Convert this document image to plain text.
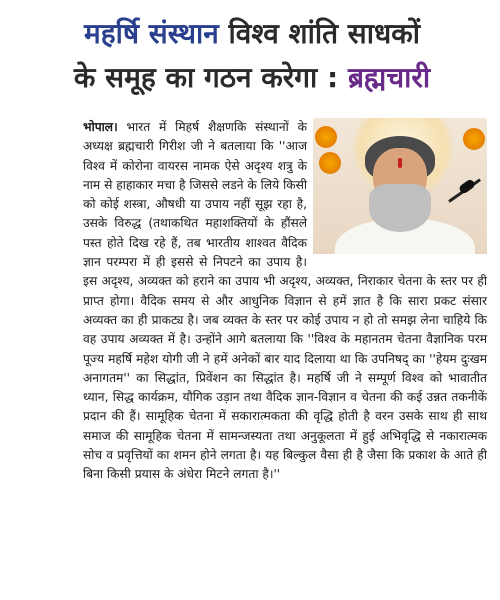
महर्षि संस्थान विश्व शांति साधकों
के समूह का गठन करेगा : ब्रह्मचारी

भोपाल। भारत में मिहर्ष शैक्षणकि संस्थानों के अध्यक्ष ब्रह्मचारी गिरीश जी ने बतलाया कि ''आज विश्व में कोरोना वायरस नामक ऐसे अदृश्य शत्रु के नाम से हाहाकार मचा है जिससे लडने के लिये किसी को कोई शस्त्रा, औषधी या उपाय नहीं सूझ रहा है, उसके विरुद्ध (तथाकथित महाशक्तियों के हौंसले पस्त होते दिख रहे हैं, तब भारतीय शाश्वत वैदिक ज्ञान परम्परा में ही इससे से निपटने का उपाय है। इस अदृश्य, अव्यक्त को हराने का उपाय भी अदृश्य, अव्यक्त, निराकार चेतना के स्तर पर ही प्राप्त होगा। वैदिक समय से और आधुनिक विज्ञान से हमें ज्ञात है कि सारा प्रकट संसार अव्यक्त का ही प्राकट्य है। जब व्यक्त के स्तर पर कोई उपाय न हो तो समझ लेना चाहिये कि वह उपाय अव्यक्त में है। उन्होंने आगे बतलाया कि ''विश्व के महानतम चेतना वैज्ञानिक परम पूज्य महर्षि महेश योगी जी ने हमें अनेकों बार याद दिलाया था कि उपनिषद् का ''हेयम दुःखम अनागतम'' का सिद्धांत, प्रिवेंशन का सिद्धांत है। महर्षि जी ने सम्पूर्ण विश्व को भावातीत ध्यान, सिद्ध कार्यक्रम, यौगिक उड़ान तथा वैदिक ज्ञान-विज्ञान व चेतना की कई उन्नत तकनीकें प्रदान की हैं। सामूहिक चेतना में सकारात्मकता की वृद्धि होती है वरन उसके साथ ही साथ समाज की सामूहिक चेतना में सामन्जस्यता तथा अनुकूलता में हुई अभिवृद्धि से नकारात्मक सोच व प्रवृत्तियों का शमन होने लगता है। यह बिल्कुल वैसा ही है जैसा कि प्रकाश के आते ही बिना किसी प्रयास के अंधेरा मिटने लगता है।''
